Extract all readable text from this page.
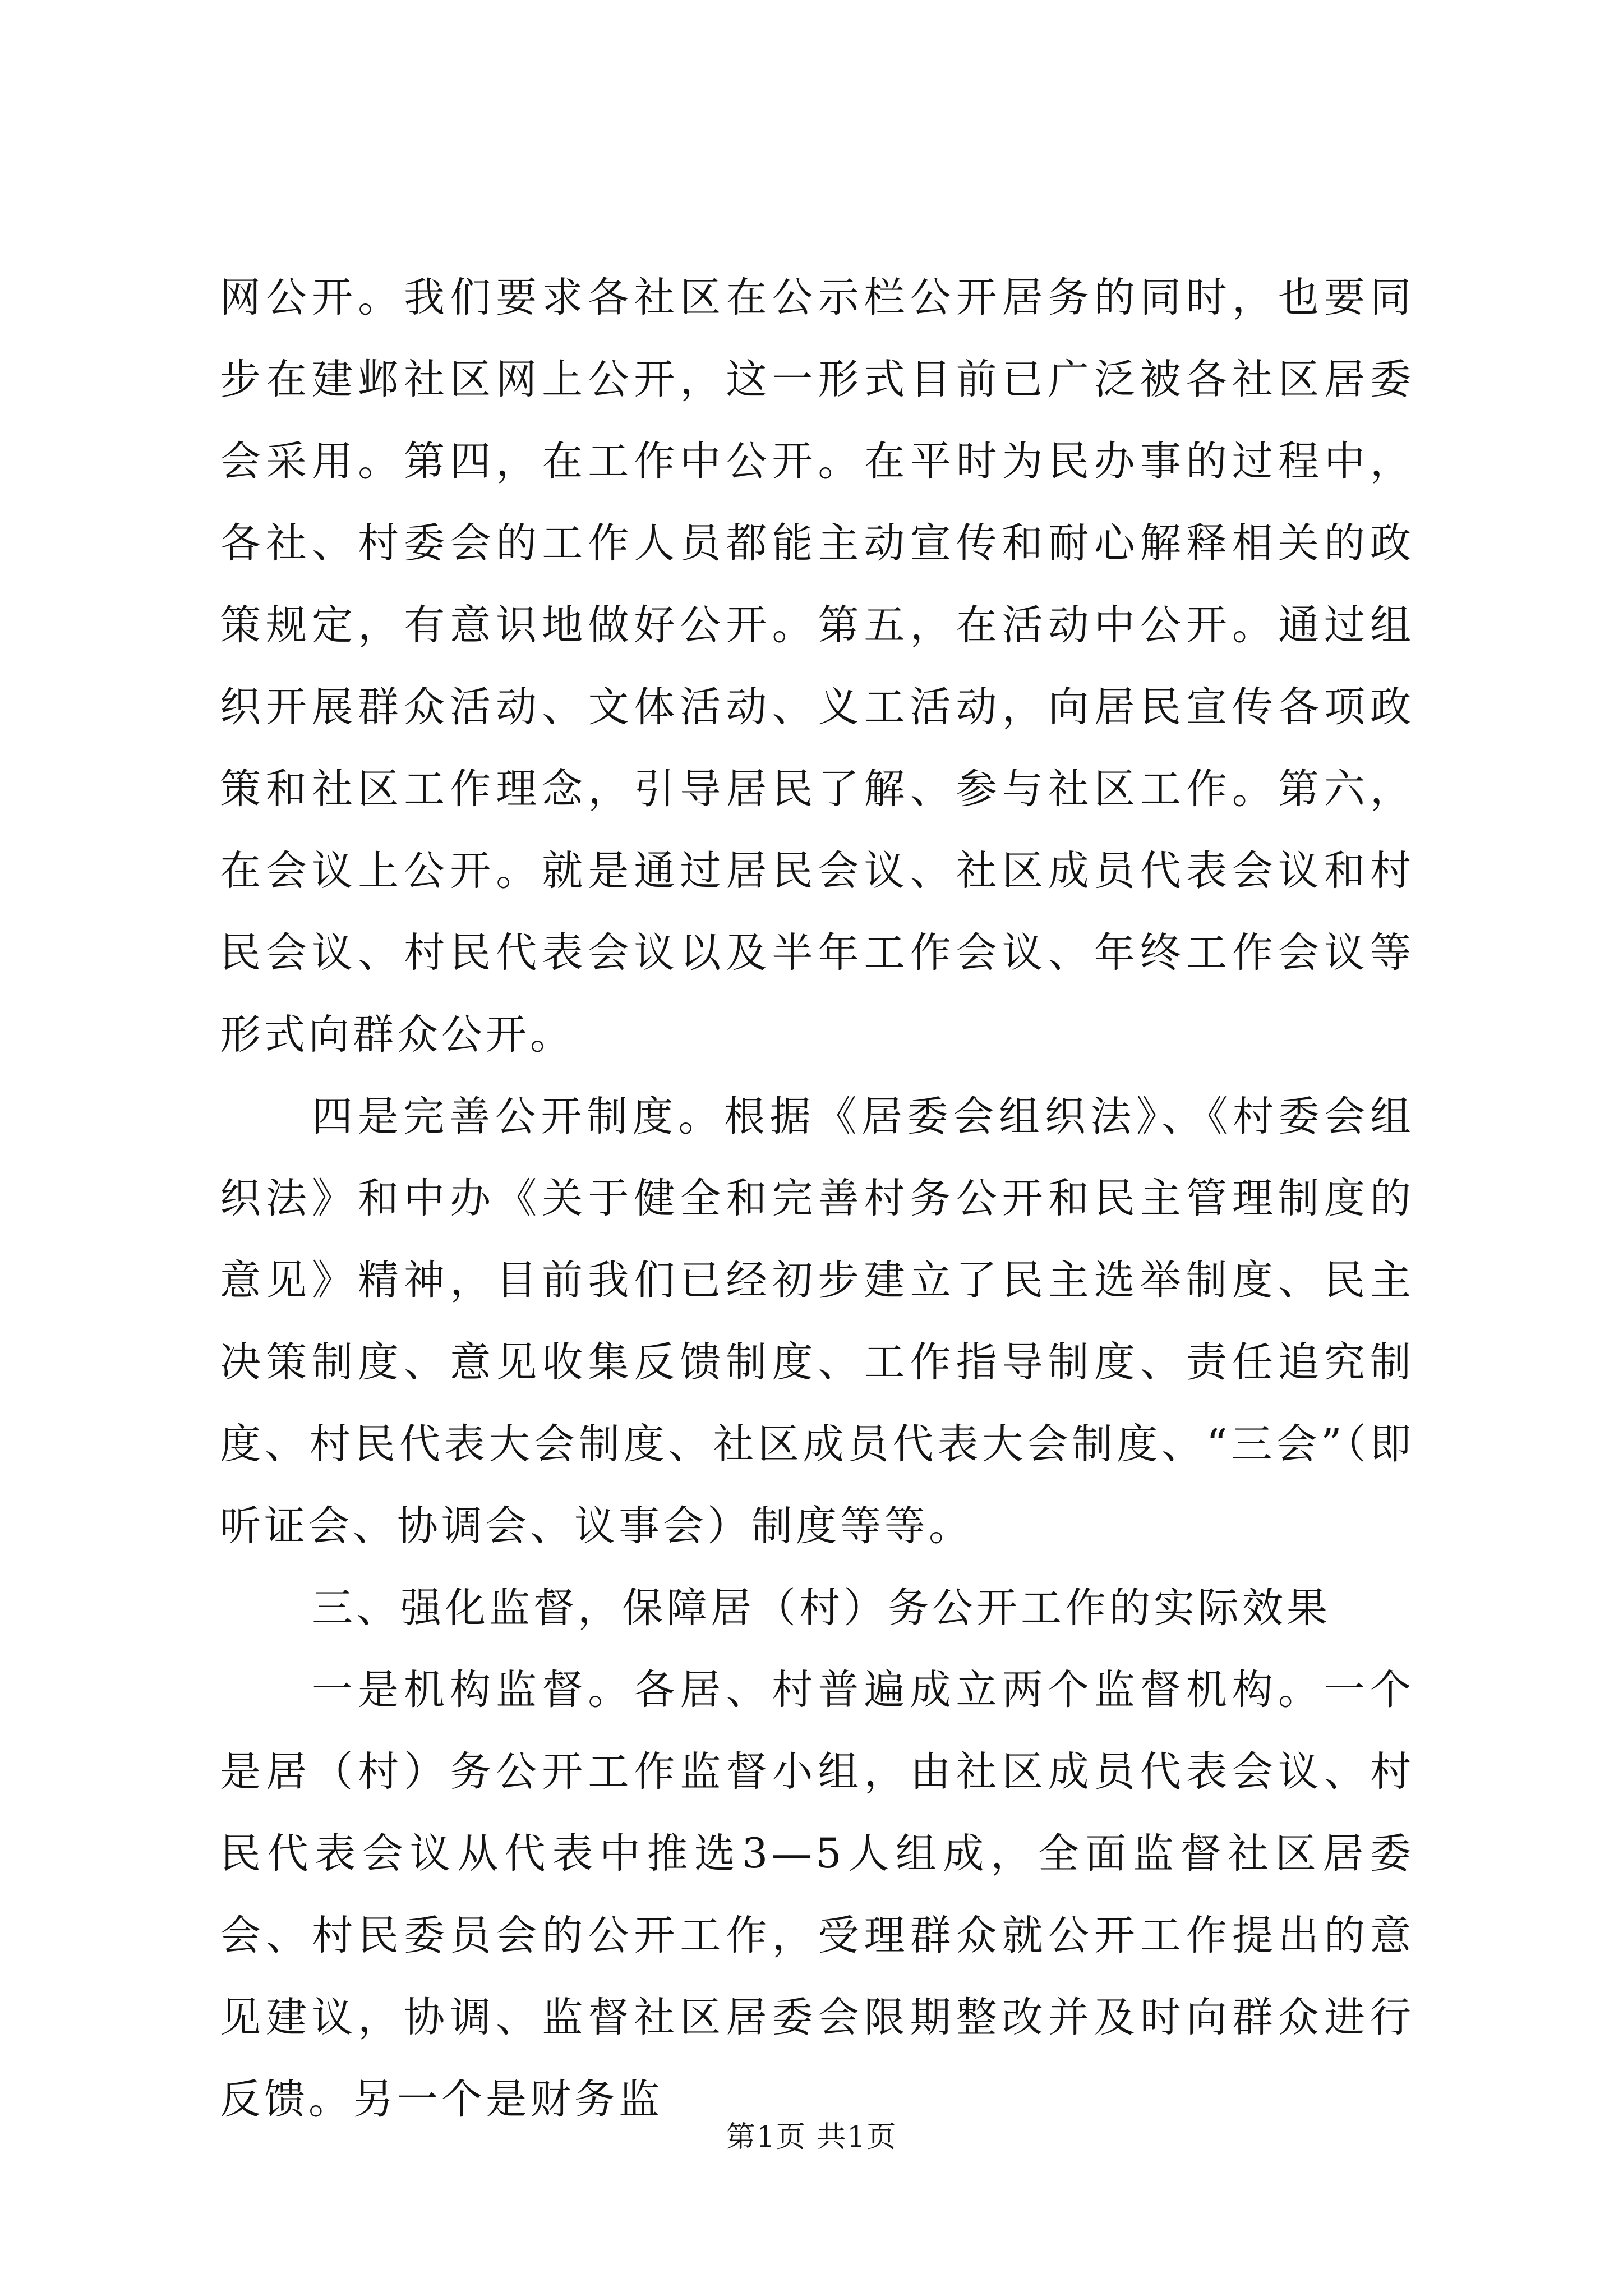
网公开。我们要求各社区在公示栏公开居务的同时，也要同步在建邺社区网上公开，这一形式目前已广泛被各社区居委会采用。第四，在工作中公开。在平时为民办事的过程中，各社、村委会的工作人员都能主动宣传和耐心解释相关的政策规定，有意识地做好公开。第五，在活动中公开。通过组织开展群众活动、文体活动、义工活动，向居民宣传各项政策和社区工作理念，引导居民了解、参与社区工作。第六，在会议上公开。就是通过居民会议、社区成员代表会议和村民会议、村民代表会议以及半年工作会议、年终工作会议等形式向群众公开。

四是完善公开制度。根据《居委会组织法》、《村委会组织法》和中办《关于健全和完善村务公开和民主管理制度的意见》精神，目前我们已经初步建立了民主选举制度、民主决策制度、意见收集反馈制度、工作指导制度、责任追究制度、村民代表大会制度、社区成员代表大会制度、“三会”（即听证会、协调会、议事会）制度等等。

三、强化监督，保障居（村）务公开工作的实际效果

一是机构监督。各居、村普遍成立两个监督机构。一个是居（村）务公开工作监督小组，由社区成员代表会议、村民代表会议从代表中推选3—5人组成，全面监督社区居委会、村民委员会的公开工作，受理群众就公开工作提出的意见建议，协调、监督社区居委会限期整改并及时向群众进行反馈。另一个是财务监

第1页 共1页
